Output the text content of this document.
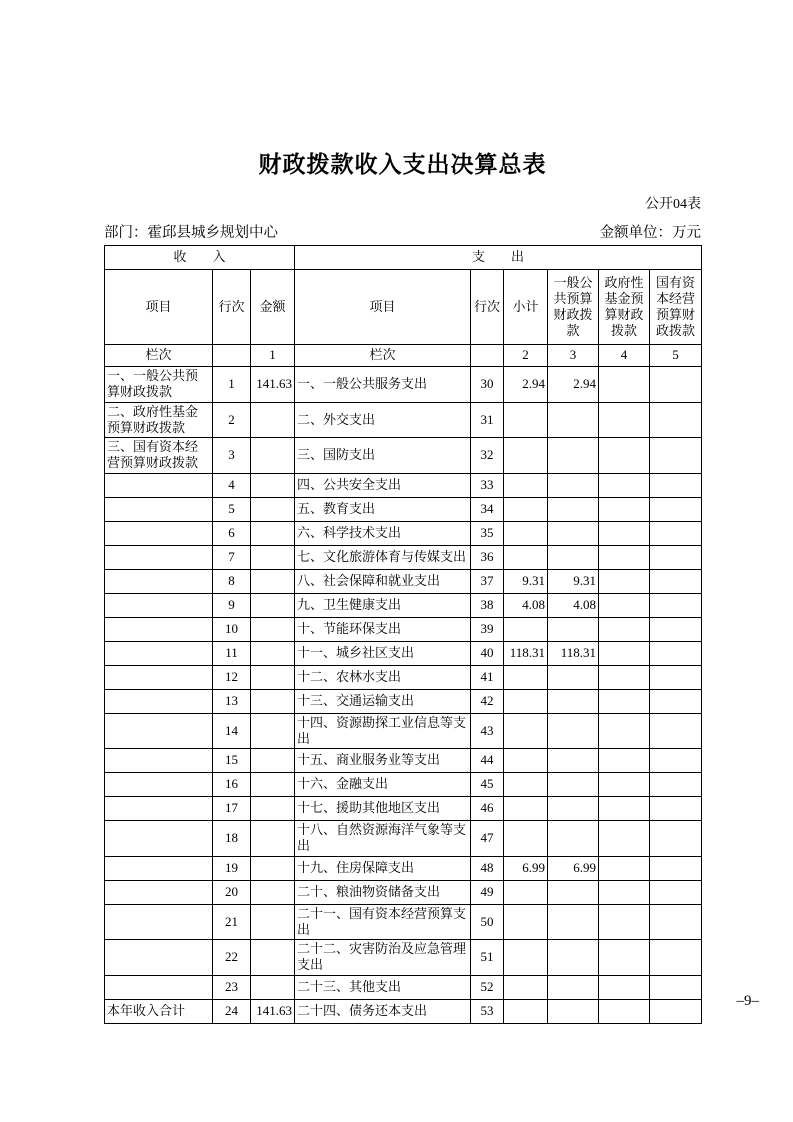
财政拨款收入支出决算总表
公开04表
部门：霍邱县城乡规划中心	金额单位：万元
收　　入			支　　出					
项目	行次	金额	项目	行次	小计	一般公共预算财政拨款	政府性基金预算财政拨款	国有资本经营预算财政拨款
栏次		1	栏次		2	3	4	5
一、一般公共预算财政拨款	1	141.63	一、一般公共服务支出	30	2.94	2.94		
二、政府性基金预算财政拨款	2		二、外交支出	31				
三、国有资本经营预算财政拨款	3		三、国防支出	32				
	4		四、公共安全支出	33				
	5		五、教育支出	34				
	6		六、科学技术支出	35				
	7		七、文化旅游体育与传媒支出	36				
	8		八、社会保障和就业支出	37	9.31	9.31		
	9		九、卫生健康支出	38	4.08	4.08		
	10		十、节能环保支出	39				
	11		十一、城乡社区支出	40	118.31	118.31		
	12		十二、农林水支出	41				
	13		十三、交通运输支出	42				
	14		十四、资源勘探工业信息等支出	43				
	15		十五、商业服务业等支出	44				
	16		十六、金融支出	45				
	17		十七、援助其他地区支出	46				
	18		十八、自然资源海洋气象等支出	47				
	19		十九、住房保障支出	48	6.99	6.99		
	20		二十、粮油物资储备支出	49				
	21		二十一、国有资本经营预算支出	50				
	22		二十二、灾害防治及应急管理支出	51				
	23		二十三、其他支出	52				
本年收入合计	24	141.63	二十四、债务还本支出	53				
–9–
